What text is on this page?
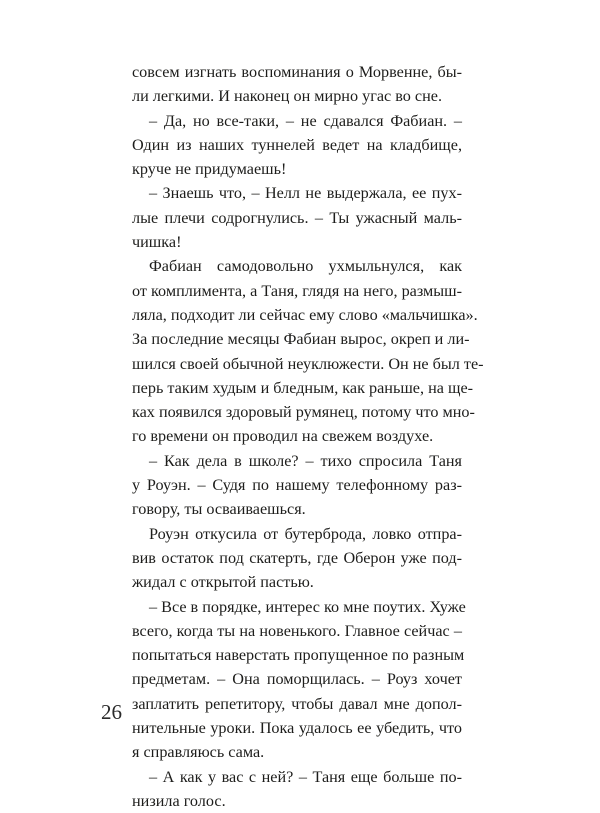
совсем изгнать воспоминания о Морвенне, бы-
ли легкими. И наконец он мирно угас во сне.
– Да, но все-таки, – не сдавался Фабиан. –
Один из наших туннелей ведет на кладбище,
круче не придумаешь!
– Знаешь что, – Нелл не выдержала, ее пух-
лые плечи содрогнулись. – Ты ужасный маль-
чишка!
Фабиан самодовольно ухмыльнулся, как
от комплимента, а Таня, глядя на него, размыш-
ляла, подходит ли сейчас ему слово «мальчишка».
За последние месяцы Фабиан вырос, окреп и ли-
шился своей обычной неуклюжести. Он не был те-
перь таким худым и бледным, как раньше, на ще-
ках появился здоровый румянец, потому что мно-
го времени он проводил на свежем воздухе.
– Как дела в школе? – тихо спросила Таня
у Роуэн. – Судя по нашему телефонному раз-
говору, ты осваиваешься.
Роуэн откусила от бутерброда, ловко отпра-
вив остаток под скатерть, где Оберон уже под-
жидал с открытой пастью.
– Все в порядке, интерес ко мне поутих. Хуже
всего, когда ты на новенького. Главное сейчас –
попытаться наверстать пропущенное по разным
предметам. – Она поморщилась. – Роуз хочет
заплатить репетитору, чтобы давал мне допол-
нительные уроки. Пока удалось ее убедить, что
я справляюсь сама.
– А как у вас с ней? – Таня еще больше по-
низила голос.
26
